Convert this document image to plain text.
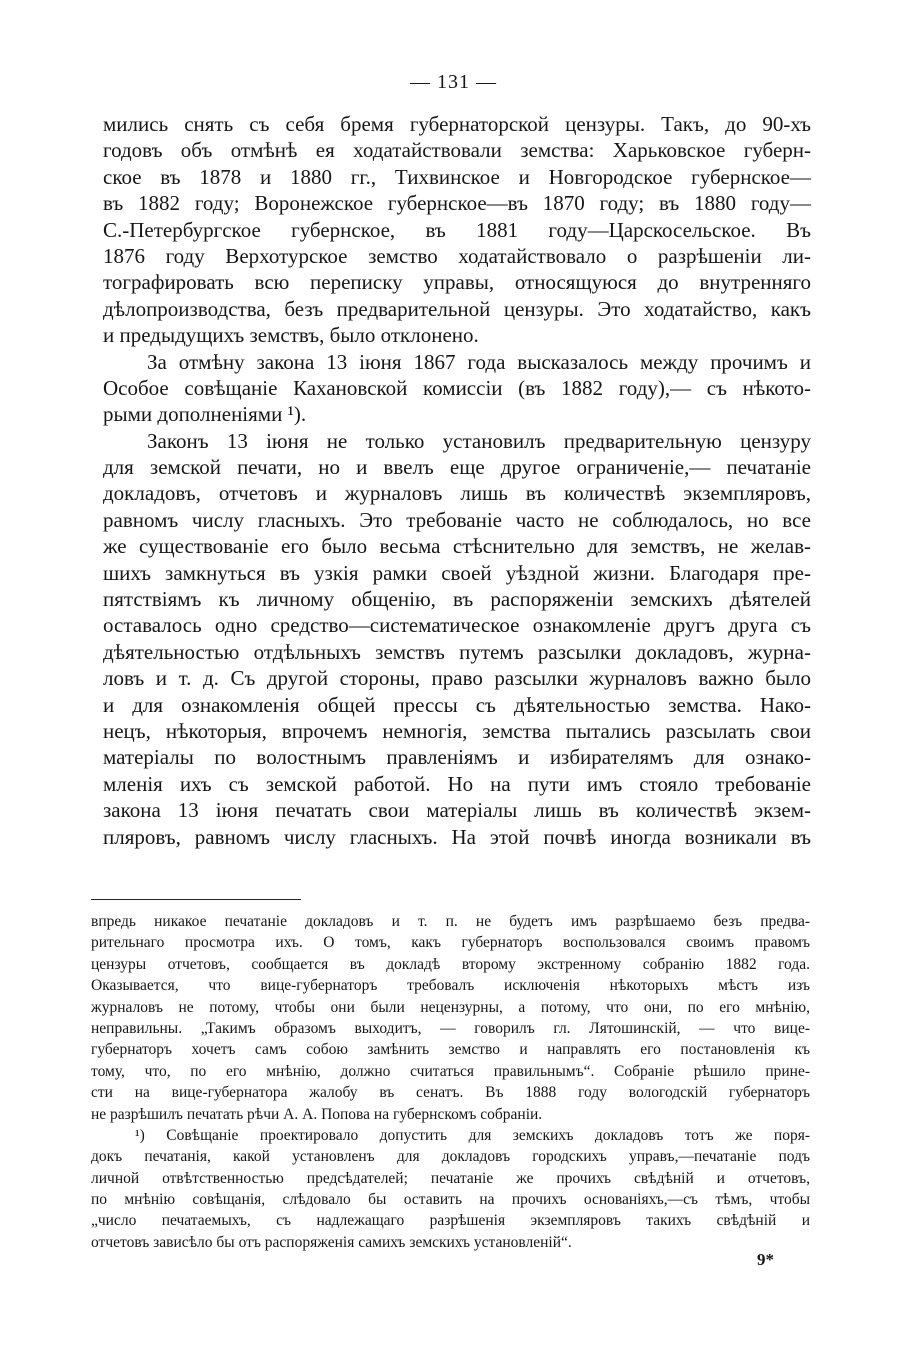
— 131 —
мились снять съ себя бремя губернаторской цензуры. Такъ, до 90-хъ
годовъ объ отмѣнѣ ея ходатайствовали земства: Харьковское губерн-
ское въ 1878 и 1880 гг., Тихвинское и Новгородское губернское—
въ 1882 году; Воронежское губернское—въ 1870 году; въ 1880 году—
С.-Петербургское губернское, въ 1881 году—Царскосельское. Въ
1876 году Верхотурское земство ходатайствовало о разрѣшеніи ли-
тографировать всю переписку управы, относящуюся до внутренняго
дѣлопроизводства, безъ предварительной цензуры. Это ходатайство, какъ
и предыдущихъ земствъ, было отклонено.
За отмѣну закона 13 іюня 1867 года высказалось между прочимъ и
Особое совѣщаніе Кахановской комиссіи (въ 1882 году),— съ нѣкото-
рыми дополненіями ¹).
Законъ 13 іюня не только установилъ предварительную цензуру
для земской печати, но и ввелъ еще другое ограниченіе,— печатаніе
докладовъ, отчетовъ и журналовъ лишь въ количествѣ экземпляровъ,
равномъ числу гласныхъ. Это требованіе часто не соблюдалось, но все
же существованіе его было весьма стѣснительно для земствъ, не желав-
шихъ замкнуться въ узкія рамки своей уѣздной жизни. Благодаря пре-
пятствіямъ къ личному общенію, въ распоряженіи земскихъ дѣятелей
оставалось одно средство—систематическое ознакомленіе другъ друга съ
дѣятельностью отдѣльныхъ земствъ путемъ разсылки докладовъ, журна-
ловъ и т. д. Съ другой стороны, право разсылки журналовъ важно было
и для ознакомленія общей прессы съ дѣятельностью земства. Нако-
нецъ, нѣкоторыя, впрочемъ немногія, земства пытались разсылать свои
матеріалы по волостнымъ правленіямъ и избирателямъ для ознако-
мленія ихъ съ земской работой. Но на пути имъ стояло требованіе
закона 13 іюня печатать свои матеріалы лишь въ количествѣ экзем-
пляровъ, равномъ числу гласныхъ. На этой почвѣ иногда возникали въ
впредь никакое печатаніе докладовъ и т. п. не будетъ имъ разрѣшаемо безъ предва-
рительнаго просмотра ихъ. О томъ, какъ губернаторъ воспользовался своимъ правомъ
цензуры отчетовъ, сообщается въ докладѣ второму экстренному собранію 1882 года.
Оказывается, что вице-губернаторъ требовалъ исключенія нѣкоторыхъ мѣстъ изъ
журналовъ не потому, чтобы они были нецензурны, а потому, что они, по его мнѣнію,
неправильны. „Такимъ образомъ выходитъ, — говорилъ гл. Лятошинскій, — что вице-
губернаторъ хочетъ самъ собою замѣнить земство и направлять его постановленія къ
тому, что, по его мнѣнію, должно считаться правильнымъ“. Собраніе рѣшило прине-
сти на вице-губернатора жалобу въ сенатъ. Въ 1888 году вологодскій губернаторъ
не разрѣшилъ печатать рѣчи А. А. Попова на губернскомъ собраніи.
¹) Совѣщаніе проектировало допустить для земскихъ докладовъ тотъ же поря-
докъ печатанія, какой установленъ для докладовъ городскихъ управъ,—печатаніе подъ
личной отвѣтственностью предсѣдателей; печатаніе же прочихъ свѣдѣній и отчетовъ,
по мнѣнію совѣщанія, слѣдовало бы оставить на прочихъ основаніяхъ,—съ тѣмъ, чтобы
„число печатаемыхъ, съ надлежащаго разрѣшенія экземпляровъ такихъ свѣдѣній и
отчетовъ зависѣло бы отъ распоряженія самихъ земскихъ установленій“.
9*
